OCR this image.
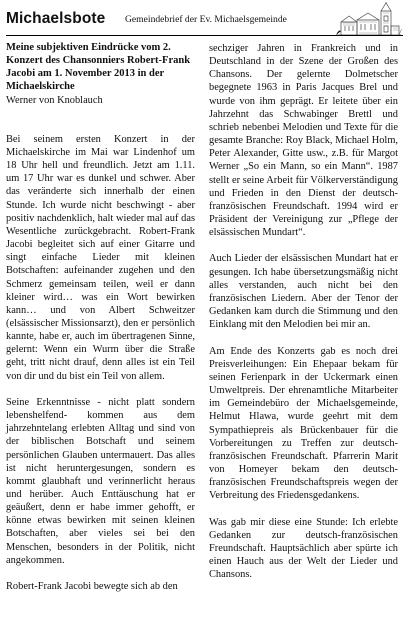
Michaelsbote Gemeindebrief der Ev. Michaelsgemeinde
Meine subjektiven Eindrücke vom 2. Konzert des Chansonniers Robert-Frank Jacobi am 1. November 2013 in der Michaelskirche
Werner von Knoblauch

Bei seinem ersten Konzert in der Michaelskirche im Mai war Lindenhof um 18 Uhr hell und freundlich. Jetzt am 1.11. um 17 Uhr war es dunkel und schwer. Aber das veränderte sich innerhalb der einen Stunde. Ich wurde nicht beschwingt - aber positiv nachdenklich, halt wieder mal auf das Wesentliche zurückgebracht. Robert-Frank Jacobi begleitet sich auf einer Gitarre und singt einfache Lieder mit kleinen Botschaften: aufeinander zugehen und den Schmerz gemeinsam teilen, weil er dann kleiner wird… was ein Wort bewirken kann… und von Albert Schweitzer (elsässischer Missionsarzt), den er persönlich kannte, habe er, auch im übertragenen Sinne, gelernt: Wenn ein Wurm über die Straße geht, tritt nicht drauf, denn alles ist ein Teil von dir und du bist ein Teil von allem.

Seine Erkenntnisse - nicht platt sondern lebenshelfend- kommen aus dem jahrzehntelang erlebten Alltag und sind von der biblischen Botschaft und seinem persönlichen Glauben untermauert. Das alles ist nicht heruntergesungen, sondern es kommt glaubhaft und verinnerlicht heraus und herüber. Auch Enttäuschung hat er geäußert, denn er habe immer gehofft, er könne etwas bewirken mit seinen kleinen Botschaften, aber vieles sei bei den Menschen, besonders in der Politik, nicht angekommen.

Robert-Frank Jacobi bewegte sich ab den

sechziger Jahren in Frankreich und in Deutschland in der Szene der Großen des Chansons. Der gelernte Dolmetscher begegnete 1963 in Paris Jacques Brel und wurde von ihm geprägt. Er leitete über ein Jahrzehnt das Schwabinger Brettl und schrieb nebenbei Melodien und Texte für die gesamte Branche: Roy Black, Michael Holm, Peter Alexander, Gitte usw., z.B. für Margot Werner „So ein Mann, so ein Mann“. 1987 stellt er seine Arbeit für Völkerverständigung und Frieden in den Dienst der deutsch-französischen Freundschaft. 1994 wird er Präsident der Vereinigung zur „Pflege der elsässischen Mundart“.

Auch Lieder der elsässischen Mundart hat er gesungen. Ich habe übersetzungsmäßig nicht alles verstanden, auch nicht bei den französischen Liedern. Aber der Tenor der Gedanken kam durch die Stimmung und den Einklang mit den Melodien bei mir an.

Am Ende des Konzerts gab es noch drei Preisverleihungen: Ein Ehepaar bekam für seinen Ferienpark in der Uckermark einen Umweltpreis. Der ehrenamtliche Mitarbeiter im Gemeindebüro der Michaelsgemeinde, Helmut Hlawa, wurde geehrt mit dem Sympathiepreis als Brückenbauer für die Vorbereitungen zu Treffen zur deutsch-französischen Freundschaft. Pfarrerin Marit von Homeyer bekam den deutsch-französischen Freundschaftspreis wegen der Verbreitung des Friedensgedankens.

Was gab mir diese eine Stunde: Ich erlebte Gedanken zur deutsch-französischen Freundschaft. Hauptsächlich aber spürte ich einen Hauch aus der Welt der Lieder und Chansons.
